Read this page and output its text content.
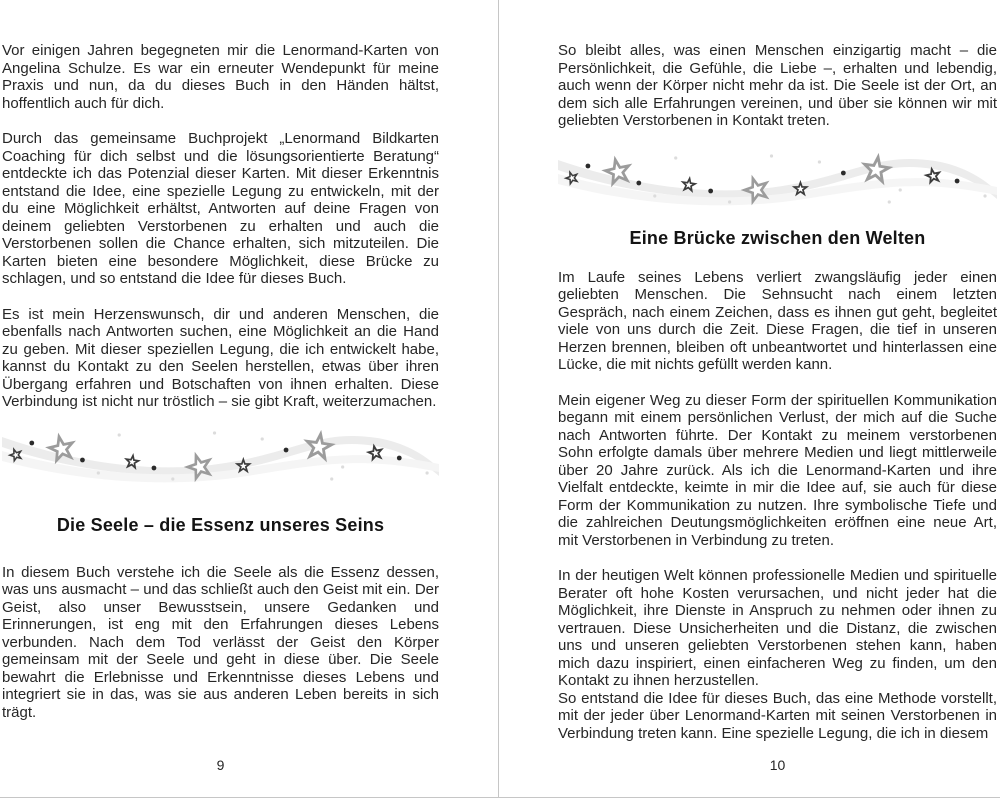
Vor einigen Jahren begegneten mir die Lenormand-Karten von Angelina Schulze. Es war ein erneuter Wendepunkt für meine Praxis und nun, da du dieses Buch in den Händen hältst, hoffentlich auch für dich.

Durch das gemeinsame Buchprojekt „Lenormand Bildkarten Coaching für dich selbst und die lösungsorientierte Beratung“ entdeckte ich das Potenzial dieser Karten. Mit dieser Erkenntnis entstand die Idee, eine spezielle Legung zu entwickeln, mit der du eine Möglichkeit erhältst, Antworten auf deine Fragen von deinem geliebten Verstorbenen zu erhalten und auch die Verstorbenen sollen die Chance erhalten, sich mitzuteilen. Die Karten bieten eine besondere Möglichkeit, diese Brücke zu schlagen, und so entstand die Idee für dieses Buch.

Es ist mein Herzenswunsch, dir und anderen Menschen, die ebenfalls nach Antworten suchen, eine Möglichkeit an die Hand zu geben. Mit dieser speziellen Legung, die ich entwickelt habe, kannst du Kontakt zu den Seelen herstellen, etwas über ihren Übergang erfahren und Botschaften von ihnen erhalten. Diese Verbindung ist nicht nur tröstlich – sie gibt Kraft, weiterzumachen.

Die Seele – die Essenz unseres Seins

In diesem Buch verstehe ich die Seele als die Essenz dessen, was uns ausmacht – und das schließt auch den Geist mit ein. Der Geist, also unser Bewusstsein, unsere Gedanken und Erinnerungen, ist eng mit den Erfahrungen dieses Lebens verbunden. Nach dem Tod verlässt der Geist den Körper gemeinsam mit der Seele und geht in diese über. Die Seele bewahrt die Erlebnisse und Erkenntnisse dieses Lebens und integriert sie in das, was sie aus anderen Leben bereits in sich trägt.

9

So bleibt alles, was einen Menschen einzigartig macht – die Persönlichkeit, die Gefühle, die Liebe –, erhalten und lebendig, auch wenn der Körper nicht mehr da ist. Die Seele ist der Ort, an dem sich alle Erfahrungen vereinen, und über sie können wir mit geliebten Verstorbenen in Kontakt treten.

Eine Brücke zwischen den Welten

Im Laufe seines Lebens verliert zwangsläufig jeder einen geliebten Menschen. Die Sehnsucht nach einem letzten Gespräch, nach einem Zeichen, dass es ihnen gut geht, begleitet viele von uns durch die Zeit. Diese Fragen, die tief in unseren Herzen brennen, bleiben oft unbeantwortet und hinterlassen eine Lücke, die mit nichts gefüllt werden kann.

Mein eigener Weg zu dieser Form der spirituellen Kommunikation begann mit einem persönlichen Verlust, der mich auf die Suche nach Antworten führte. Der Kontakt zu meinem verstorbenen Sohn erfolgte damals über mehrere Medien und liegt mittlerweile über 20 Jahre zurück. Als ich die Lenormand-Karten und ihre Vielfalt entdeckte, keimte in mir die Idee auf, sie auch für diese Form der Kommunikation zu nutzen. Ihre symbolische Tiefe und die zahlreichen Deutungsmöglichkeiten eröffnen eine neue Art, mit Verstorbenen in Verbindung zu treten.

In der heutigen Welt können professionelle Medien und spirituelle Berater oft hohe Kosten verursachen, und nicht jeder hat die Möglichkeit, ihre Dienste in Anspruch zu nehmen oder ihnen zu vertrauen. Diese Unsicherheiten und die Distanz, die zwischen uns und unseren geliebten Verstorbenen stehen kann, haben mich dazu inspiriert, einen einfacheren Weg zu finden, um den Kontakt zu ihnen herzustellen.

So entstand die Idee für dieses Buch, das eine Methode vorstellt, mit der jeder über Lenormand-Karten mit seinen Verstorbenen in Verbindung treten kann. Eine spezielle Legung, die ich in diesem

10
